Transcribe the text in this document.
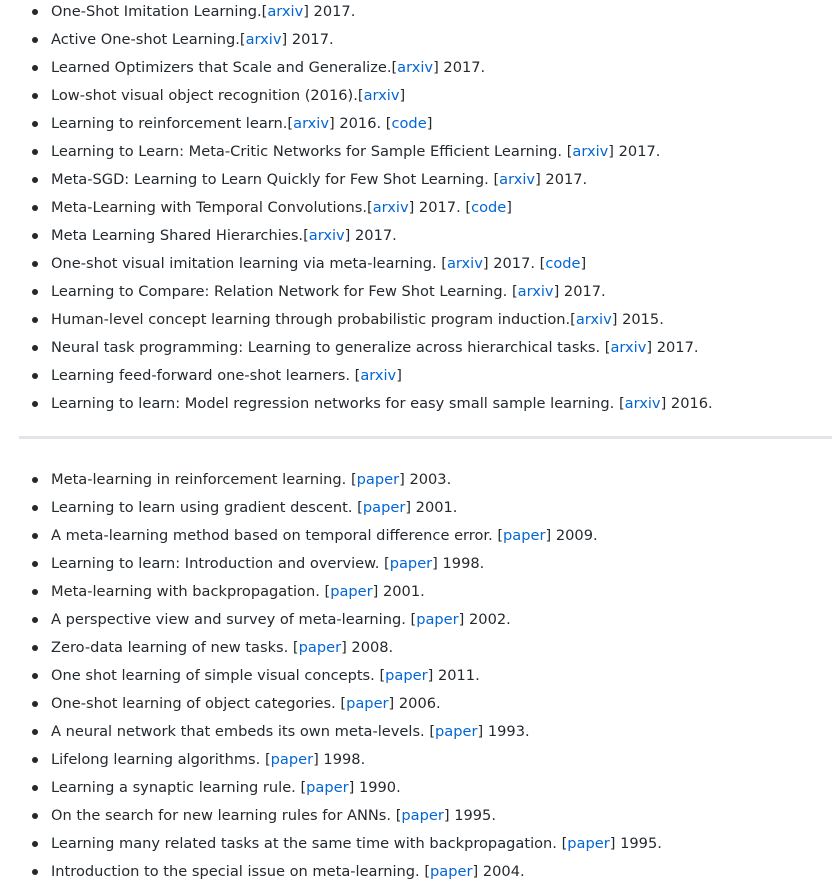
One-Shot Imitation Learning.[arxiv] 2017.
Active One-shot Learning.[arxiv] 2017.
Learned Optimizers that Scale and Generalize.[arxiv] 2017.
Low-shot visual object recognition (2016).[arxiv]
Learning to reinforcement learn.[arxiv] 2016. [code]
Learning to Learn: Meta-Critic Networks for Sample Efficient Learning. [arxiv] 2017.
Meta-SGD: Learning to Learn Quickly for Few Shot Learning. [arxiv] 2017.
Meta-Learning with Temporal Convolutions.[arxiv] 2017. [code]
Meta Learning Shared Hierarchies.[arxiv] 2017.
One-shot visual imitation learning via meta-learning. [arxiv] 2017. [code]
Learning to Compare: Relation Network for Few Shot Learning. [arxiv] 2017.
Human-level concept learning through probabilistic program induction.[arxiv] 2015.
Neural task programming: Learning to generalize across hierarchical tasks. [arxiv] 2017.
Learning feed-forward one-shot learners. [arxiv]
Learning to learn: Model regression networks for easy small sample learning. [arxiv] 2016.
Meta-learning in reinforcement learning. [paper] 2003.
Learning to learn using gradient descent. [paper] 2001.
A meta-learning method based on temporal difference error. [paper] 2009.
Learning to learn: Introduction and overview. [paper] 1998.
Meta-learning with backpropagation. [paper] 2001.
A perspective view and survey of meta-learning. [paper] 2002.
Zero-data learning of new tasks. [paper] 2008.
One shot learning of simple visual concepts. [paper] 2011.
One-shot learning of object categories. [paper] 2006.
A neural network that embeds its own meta-levels. [paper] 1993.
Lifelong learning algorithms. [paper] 1998.
Learning a synaptic learning rule. [paper] 1990.
On the search for new learning rules for ANNs. [paper] 1995.
Learning many related tasks at the same time with backpropagation. [paper] 1995.
Introduction to the special issue on meta-learning. [paper] 2004.
